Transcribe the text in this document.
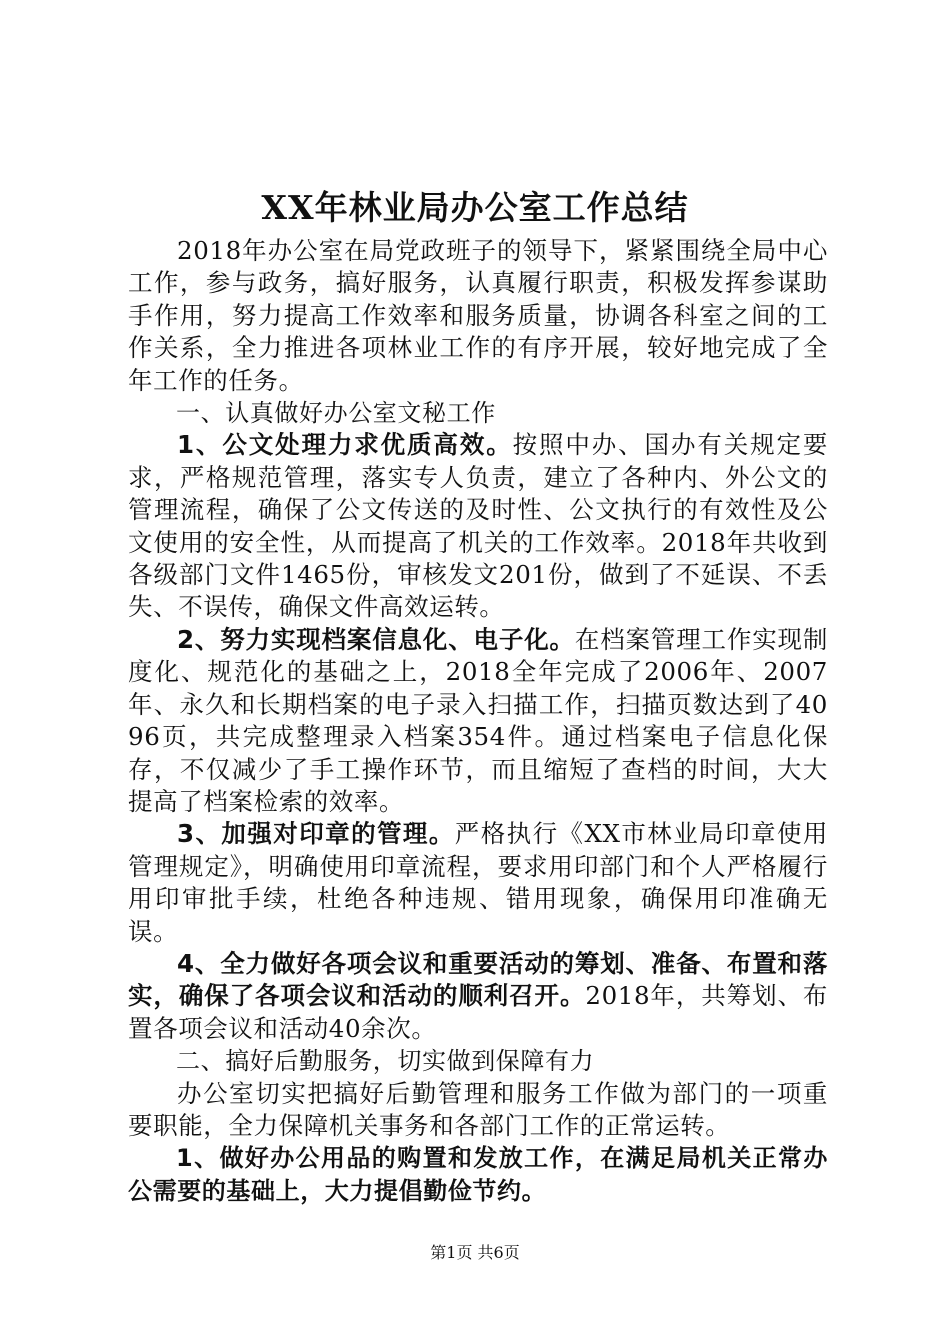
XX年林业局办公室工作总结

2018年办公室在局党政班子的领导下，紧紧围绕全局中心工作，参与政务，搞好服务，认真履行职责，积极发挥参谋助手作用，努力提高工作效率和服务质量，协调各科室之间的工作关系，全力推进各项林业工作的有序开展，较好地完成了全年工作的任务。

一、认真做好办公室文秘工作

1、公文处理力求优质高效。按照中办、国办有关规定要求，严格规范管理，落实专人负责，建立了各种内、外公文的管理流程，确保了公文传送的及时性、公文执行的有效性及公文使用的安全性，从而提高了机关的工作效率。2018年共收到各级部门文件1465份，审核发文201份，做到了不延误、不丢失、不误传，确保文件高效运转。

2、努力实现档案信息化、电子化。在档案管理工作实现制度化、规范化的基础之上，2018全年完成了2006年、2007年、永久和长期档案的电子录入扫描工作，扫描页数达到了4096页，共完成整理录入档案354件。通过档案电子信息化保存，不仅减少了手工操作环节，而且缩短了查档的时间，大大提高了档案检索的效率。

3、加强对印章的管理。严格执行《XX市林业局印章使用管理规定》，明确使用印章流程，要求用印部门和个人严格履行用印审批手续，杜绝各种违规、错用现象，确保用印准确无误。

4、全力做好各项会议和重要活动的筹划、准备、布置和落实，确保了各项会议和活动的顺利召开。2018年，共筹划、布置各项会议和活动40余次。

二、搞好后勤服务，切实做到保障有力

办公室切实把搞好后勤管理和服务工作做为部门的一项重要职能，全力保障机关事务和各部门工作的正常运转。

1、做好办公用品的购置和发放工作，在满足局机关正常办公需要的基础上，大力提倡勤俭节约。

第1页 共6页
